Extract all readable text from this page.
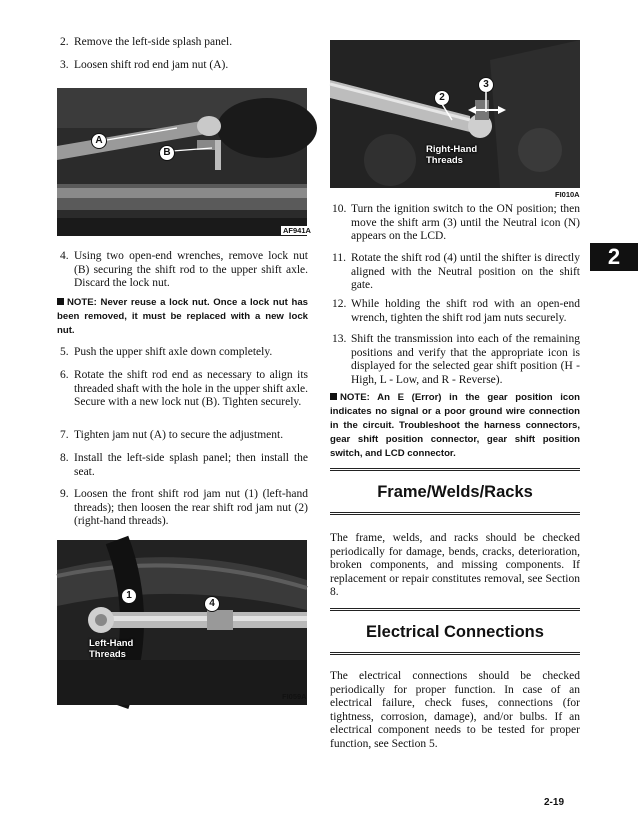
2. Remove the left-side splash panel.
3. Loosen shift rod end jam nut (A).
A
B
AF941A
4. Using two open-end wrenches, remove lock nut (B) securing the shift rod to the upper shift axle. Discard the lock nut.
NOTE: Never reuse a lock nut. Once a lock nut has been removed, it must be replaced with a new lock nut.
5. Push the upper shift axle down completely.
6. Rotate the shift rod end as necessary to align its threaded shaft with the hole in the upper shift axle. Secure with a new lock nut (B). Tighten securely.
7. Tighten jam nut (A) to secure the adjustment.
8. Install the left-side splash panel; then install the seat.
9. Loosen the front shift rod jam nut (1) (left-hand threads); then loosen the rear shift rod jam nut (2) (right-hand threads).
1
4
Left-Hand Threads
FI059A
2
3
Right-Hand Threads
FI010A
10. Turn the ignition switch to the ON position; then move the shift arm (3) until the Neutral icon (N) appears on the LCD.
11. Rotate the shift rod (4) until the shifter is directly aligned with the Neutral position on the shift gate.
12. While holding the shift rod with an open-end wrench, tighten the shift rod jam nuts securely.
13. Shift the transmission into each of the remaining positions and verify that the appropriate icon is displayed for the selected gear shift position (H - High, L - Low, and R - Reverse).
NOTE: An E (Error) in the gear position icon indicates no signal or a poor ground wire connection in the circuit. Troubleshoot the harness connectors, gear shift position connector, gear shift position switch, and LCD connector.
Frame/Welds/Racks
The frame, welds, and racks should be checked periodically for damage, bends, cracks, deterioration, broken components, and missing components. If replacement or repair constitutes removal, see Section 8.
Electrical Connections
The electrical connections should be checked periodically for proper function. In case of an electrical failure, check fuses, connections (for tightness, corrosion, damage), and/or bulbs. If an electrical component needs to be tested for proper function, see Section 5.
2
2-19
